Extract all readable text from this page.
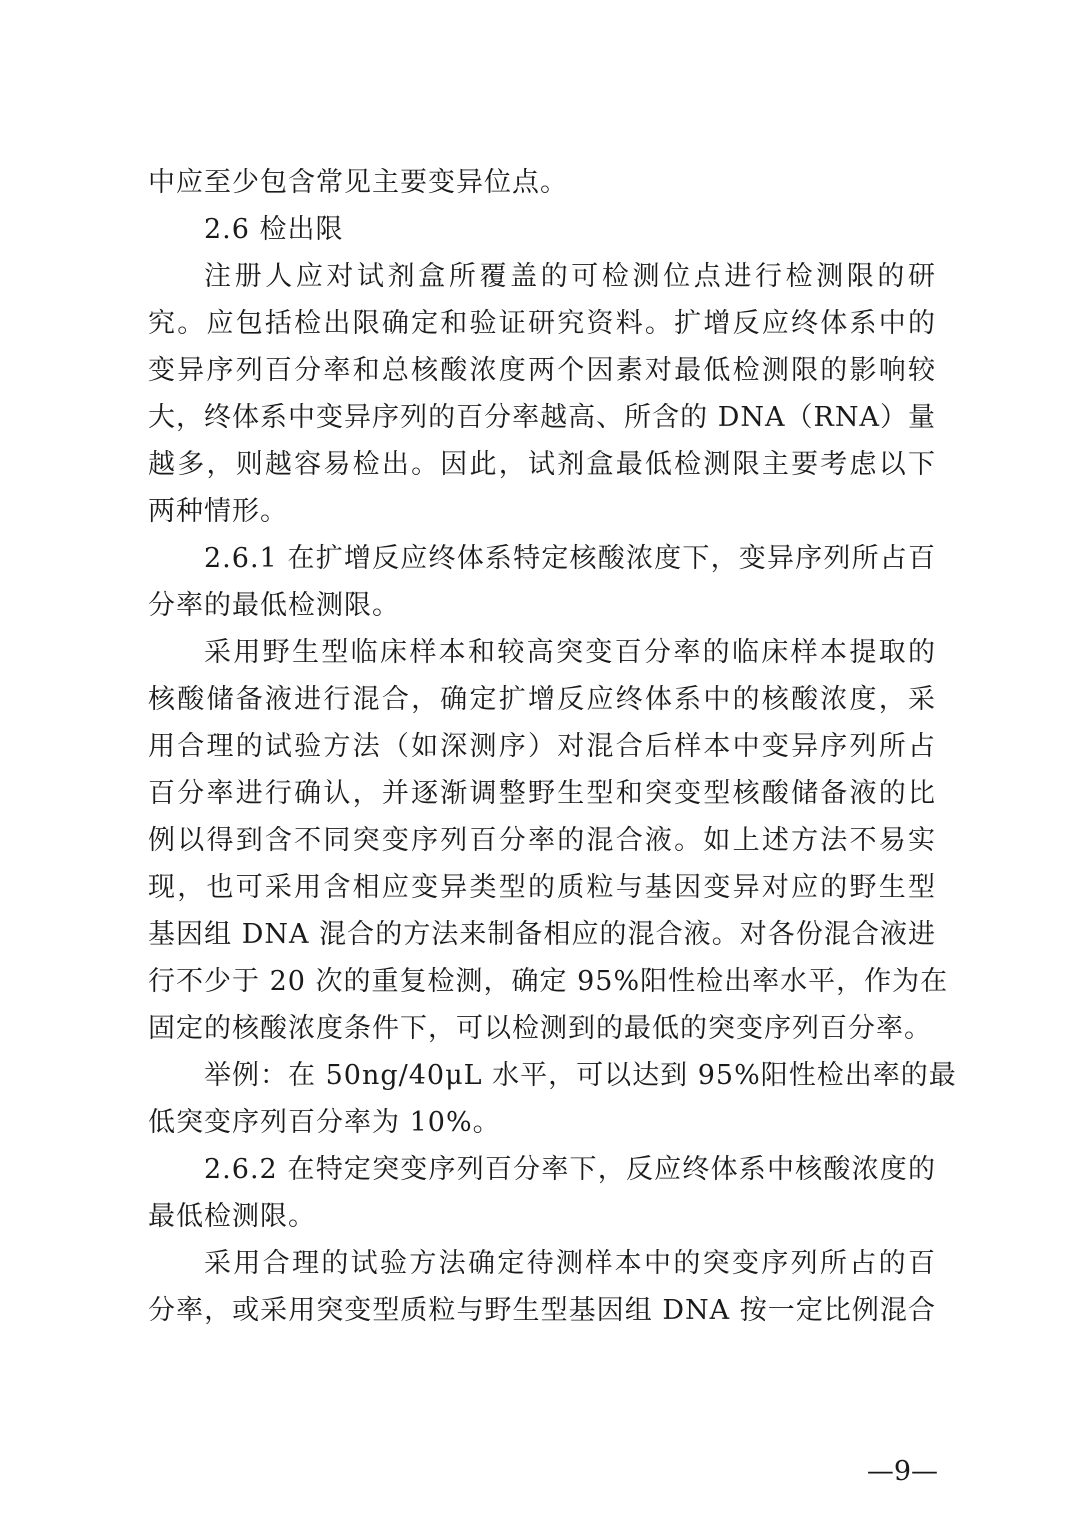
中应至少包含常见主要变异位点。
2.6 检出限
注册人应对试剂盒所覆盖的可检测位点进行检测限的研
究。应包括检出限确定和验证研究资料。扩增反应终体系中的
变异序列百分率和总核酸浓度两个因素对最低检测限的影响较
大，终体系中变异序列的百分率越高、所含的 DNA（RNA）量
越多，则越容易检出。因此，试剂盒最低检测限主要考虑以下
两种情形。
2.6.1 在扩增反应终体系特定核酸浓度下，变异序列所占百
分率的最低检测限。
采用野生型临床样本和较高突变百分率的临床样本提取的
核酸储备液进行混合，确定扩增反应终体系中的核酸浓度，采
用合理的试验方法（如深测序）对混合后样本中变异序列所占
百分率进行确认，并逐渐调整野生型和突变型核酸储备液的比
例以得到含不同突变序列百分率的混合液。如上述方法不易实
现，也可采用含相应变异类型的质粒与基因变异对应的野生型
基因组 DNA 混合的方法来制备相应的混合液。对各份混合液进
行不少于 20 次的重复检测，确定 95%阳性检出率水平，作为在
固定的核酸浓度条件下，可以检测到的最低的突变序列百分率。
举例：在 50ng/40μL 水平，可以达到 95%阳性检出率的最
低突变序列百分率为 10%。
2.6.2 在特定突变序列百分率下，反应终体系中核酸浓度的
最低检测限。
采用合理的试验方法确定待测样本中的突变序列所占的百
分率，或采用突变型质粒与野生型基因组 DNA 按一定比例混合
—9—
